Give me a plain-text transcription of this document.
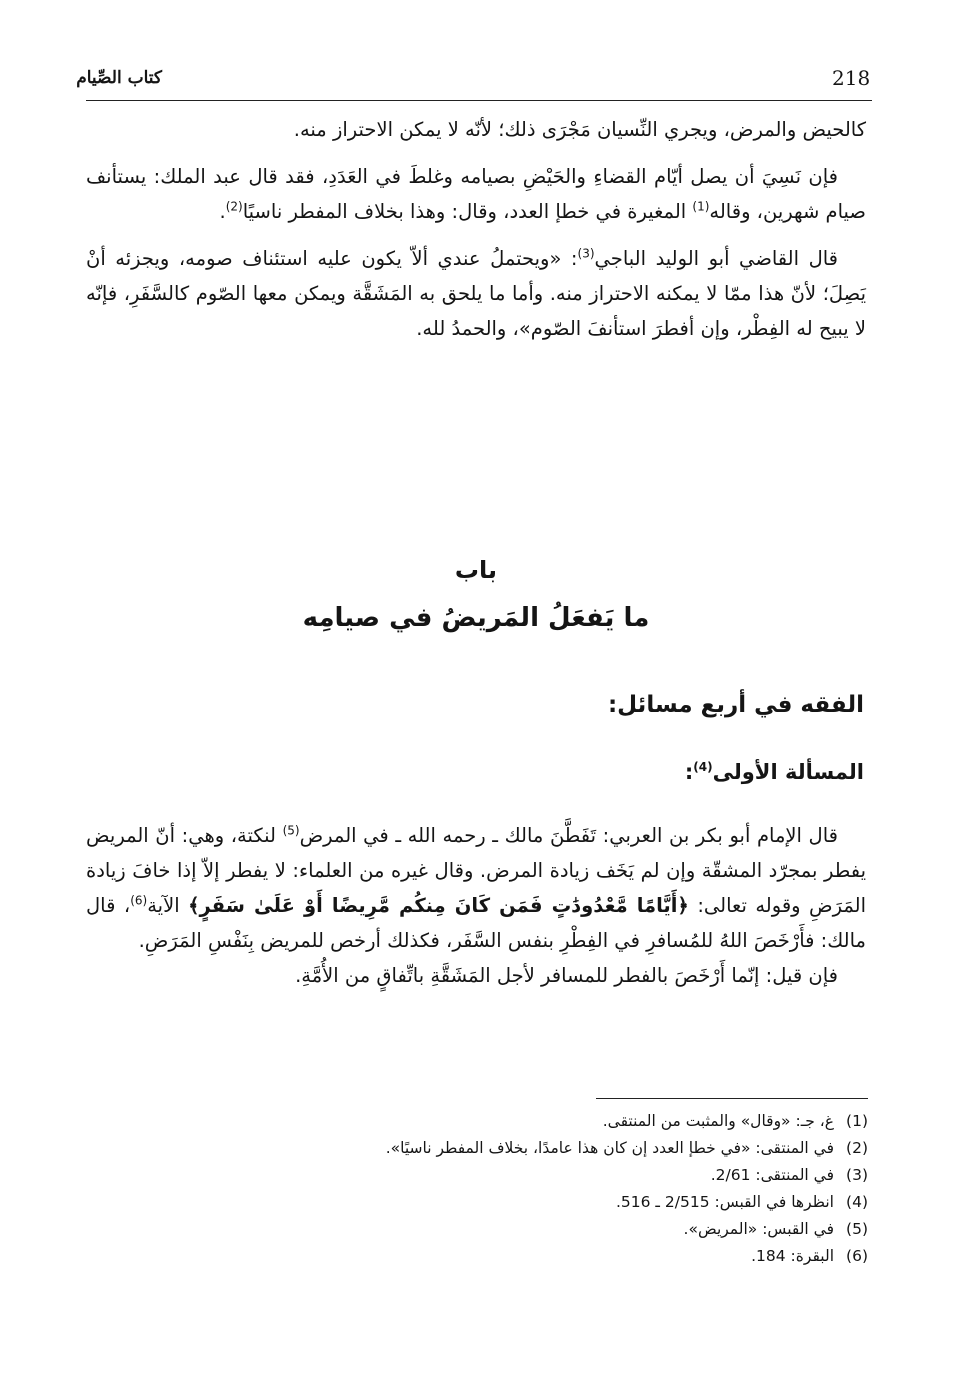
218
كتاب الصِّيام

كالحيض والمرض، ويجري النِّسيان مَجْرَى ذلك؛ لأنّه لا يمكن الاحتراز منه.

فإن نَسِيَ أن يصل أيّام القضاءِ والحَيْضِ بصيامه وغلطَ في العَدَدِ، فقد قال عبد الملك: يستأنف صيام شهرين، وقاله$^{(1)}$ المغيرة في خطإ العدد، وقال: وهذا بخلاف المفطر ناسيًا$^{(2)}$.

قال القاضي أبو الوليد الباجي$^{(3)}$: «ويحتملُ عندي ألاّ يكون عليه استئناف صومه، ويجزئه أنْ يَصِلَ؛ لأنّ هذا ممّا لا يمكنه الاحتراز منه. وأما ما يلحق به المَشَقَّة ويمكن معها الصّوم كالسَّفَرِ، فإنّه لا يبيح له الفِطْر، وإن أفطرَ استأنفَ الصّوم»، والحمدُ لله.

باب
ما يَفعَلُ المَريضُ في صيامِه
الفقه في أربع مسائل:
المسألة الأولى$^{(4)}$:

قال الإمام أبو بكر بن العربي: تَفَطَّنَ مالك ـ رحمه الله ـ في المرض$^{(5)}$ لنكتة، وهي: أنّ المريض يفطر بمجرّد المشقّة وإن لم يَخَف زيادة المرض. وقال غيره من العلماء: لا يفطر إلاّ إذا خافَ زيادة المَرَضِ وقوله تعالى: ﴿أَيَّامًا مَّعْدُودَٰتٍ فَمَن كَانَ مِنكُم مَّرِيضًا أَوْ عَلَىٰ سَفَرٍ﴾ الآية$^{(6)}$، قال مالك: فأَرْخَصَ اللهُ للمُسافرِ في الفِطْرِ بنفس السَّفَر، فكذلك أرخص للمريض بِنَفْسِ المَرَضِ.

فإن قيل: إنّما أَرْخَصَ بالفطر للمسافر لأجل المَشَقَّةِ باتِّفاقٍ من الأُمَّةِ.

(1)
غ، جـ: «وقال» والمثبت من المنتقى.
(2)
في المنتقى: «في خطإ العدد إن كان هذا عامدًا، بخلاف المفطر ناسيًا».
(3)
في المنتقى: 2/61.
(4)
انظرها في القبس: 2/515 ـ 516.
(5)
في القبس: «المريض».
(6)
البقرة: 184.
